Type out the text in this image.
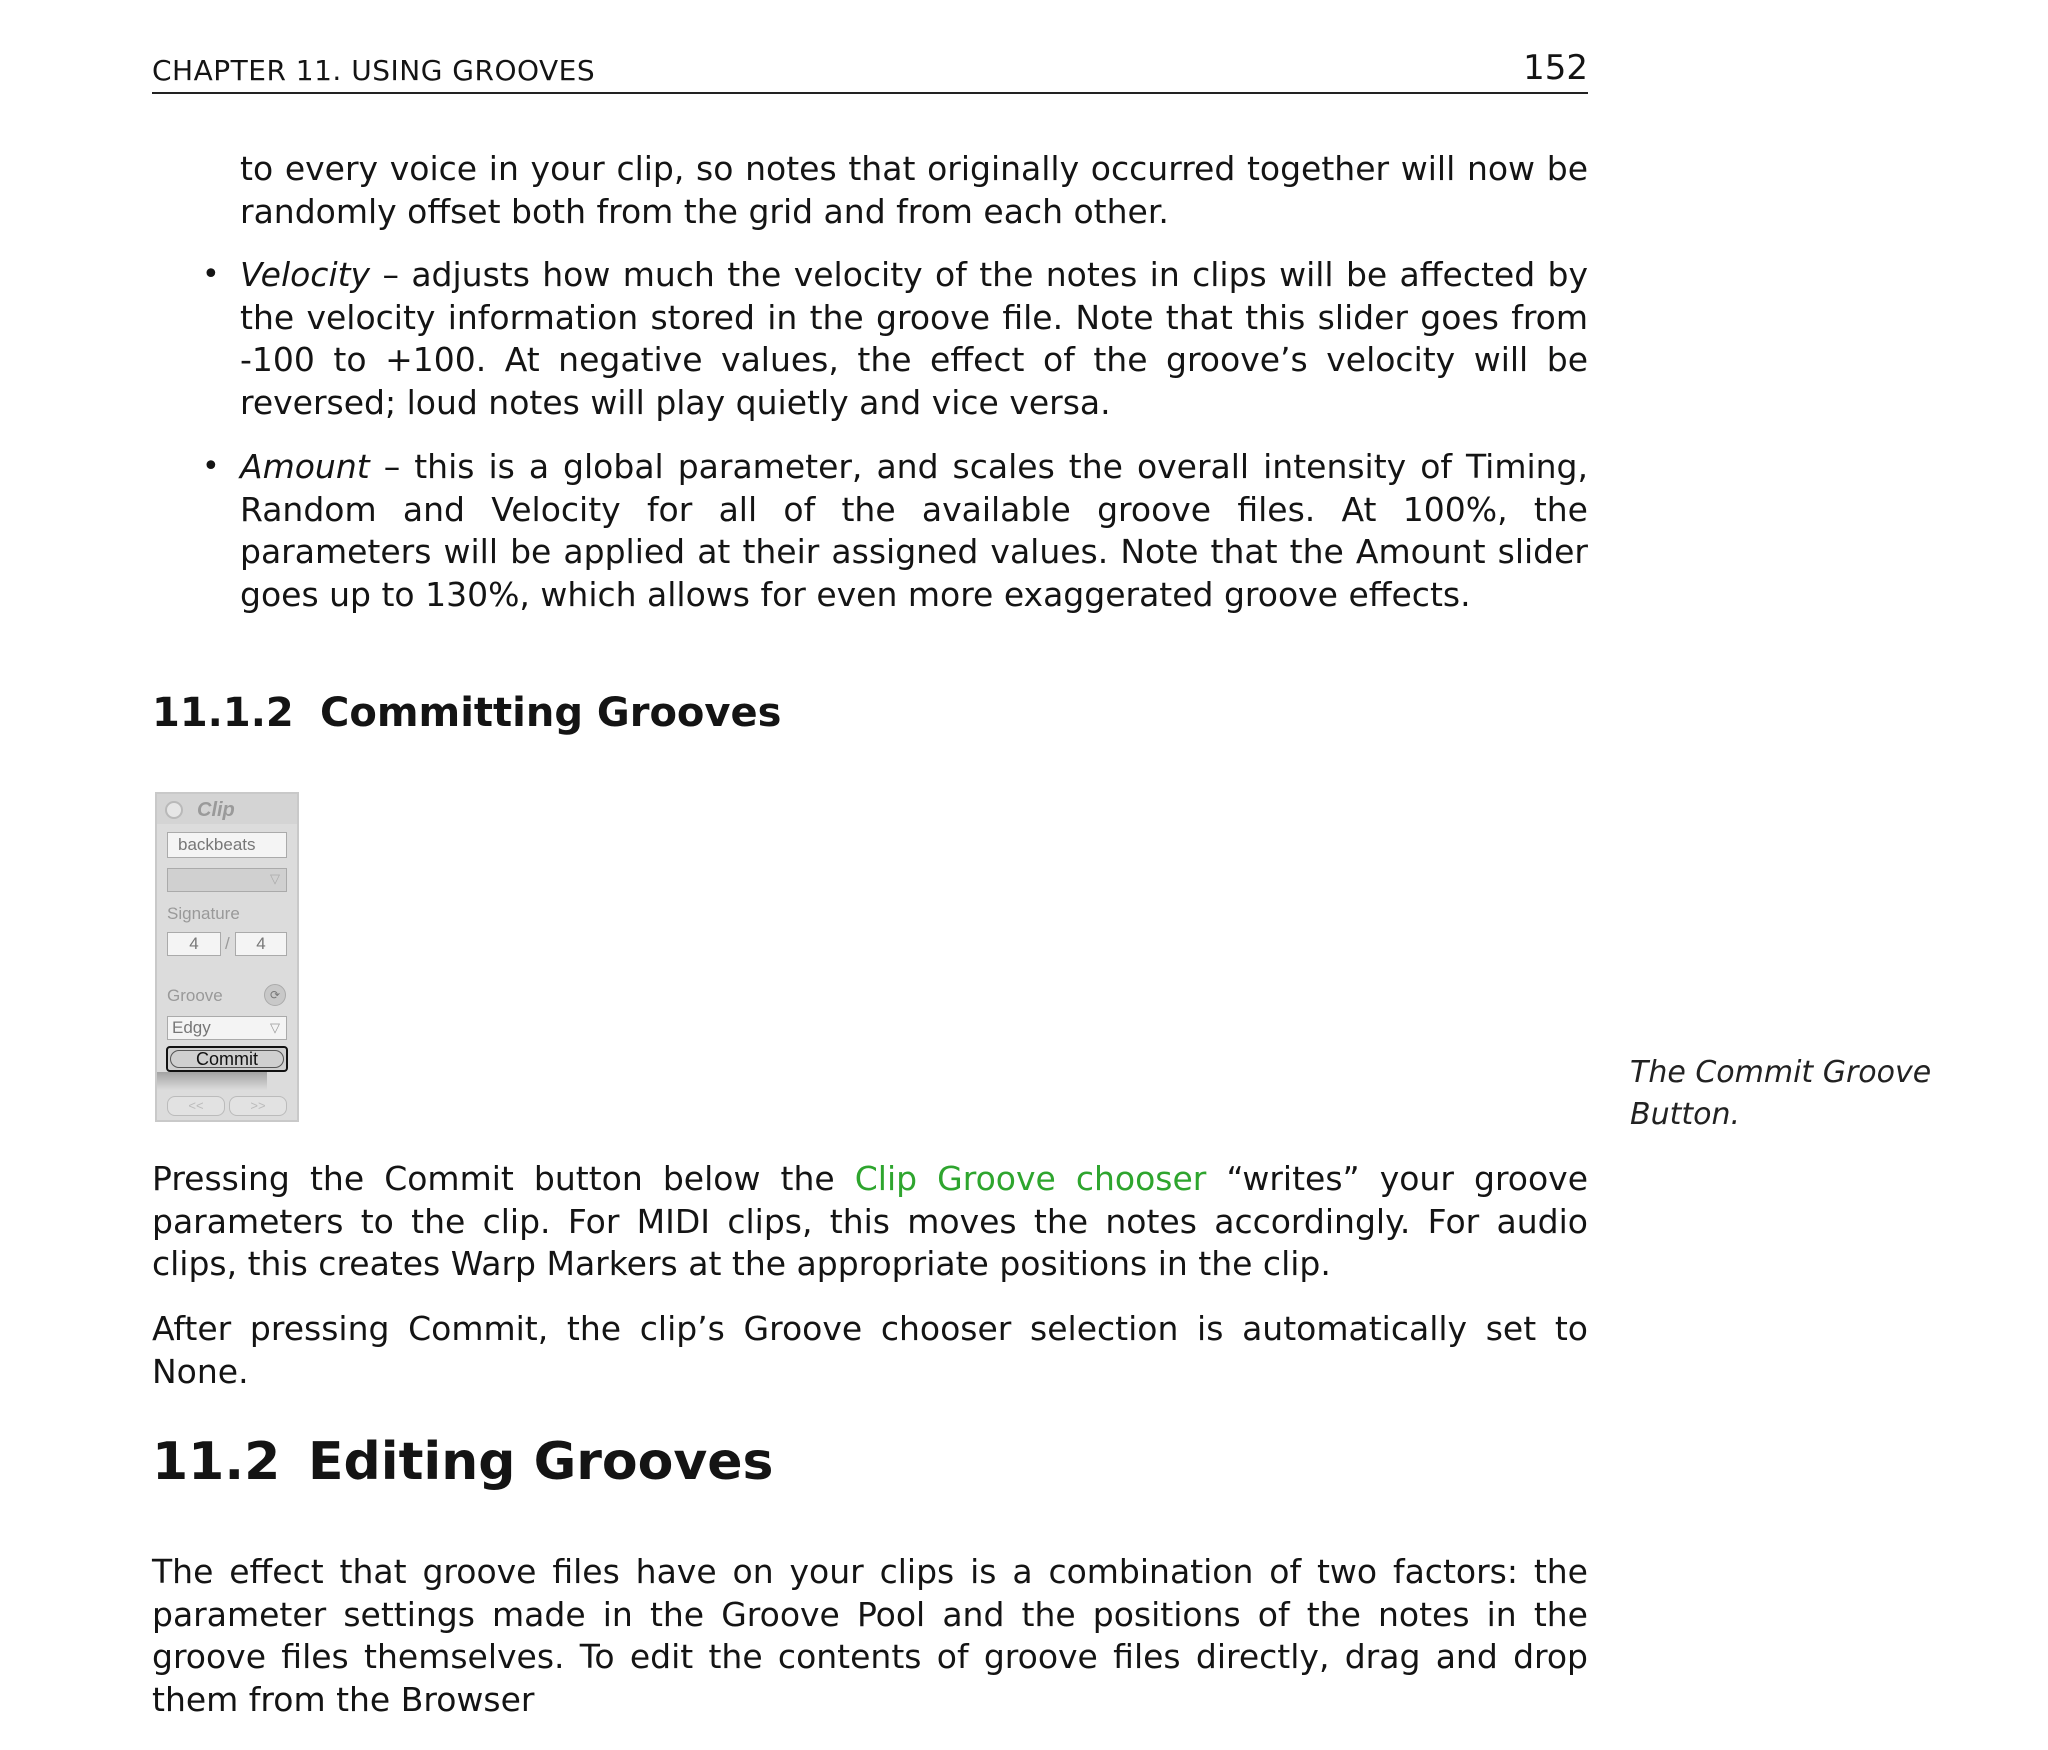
CHAPTER 11. USING GROOVES	152

to every voice in your clip, so notes that originally occurred together will now be randomly offset both from the grid and from each other.

• Velocity – adjusts how much the velocity of the notes in clips will be affected by the velocity information stored in the groove file. Note that this slider goes from -100 to +100. At negative values, the effect of the groove’s velocity will be reversed; loud notes will play quietly and vice versa.

• Amount – this is a global parameter, and scales the overall intensity of Timing, Random and Velocity for all of the available groove files. At 100%, the parameters will be applied at their assigned values. Note that the Amount slider goes up to 130%, which allows for even more exaggerated groove effects.

11.1.2 Committing Grooves
Clip
backbeats
▽
Signature
4	/	4
Groove	⟳
Edgy	▽
Commit
<<	>>
The Commit Groove Button.

Pressing the Commit button below the Clip Groove chooser “writes” your groove parameters to the clip. For MIDI clips, this moves the notes accordingly. For audio clips, this creates Warp Markers at the appropriate positions in the clip.

After pressing Commit, the clip’s Groove chooser selection is automatically set to None.

11.2 Editing Grooves

The effect that groove files have on your clips is a combination of two factors: the parameter settings made in the Groove Pool and the positions of the notes in the groove files themselves. To edit the contents of groove files directly, drag and drop them from the Browser
